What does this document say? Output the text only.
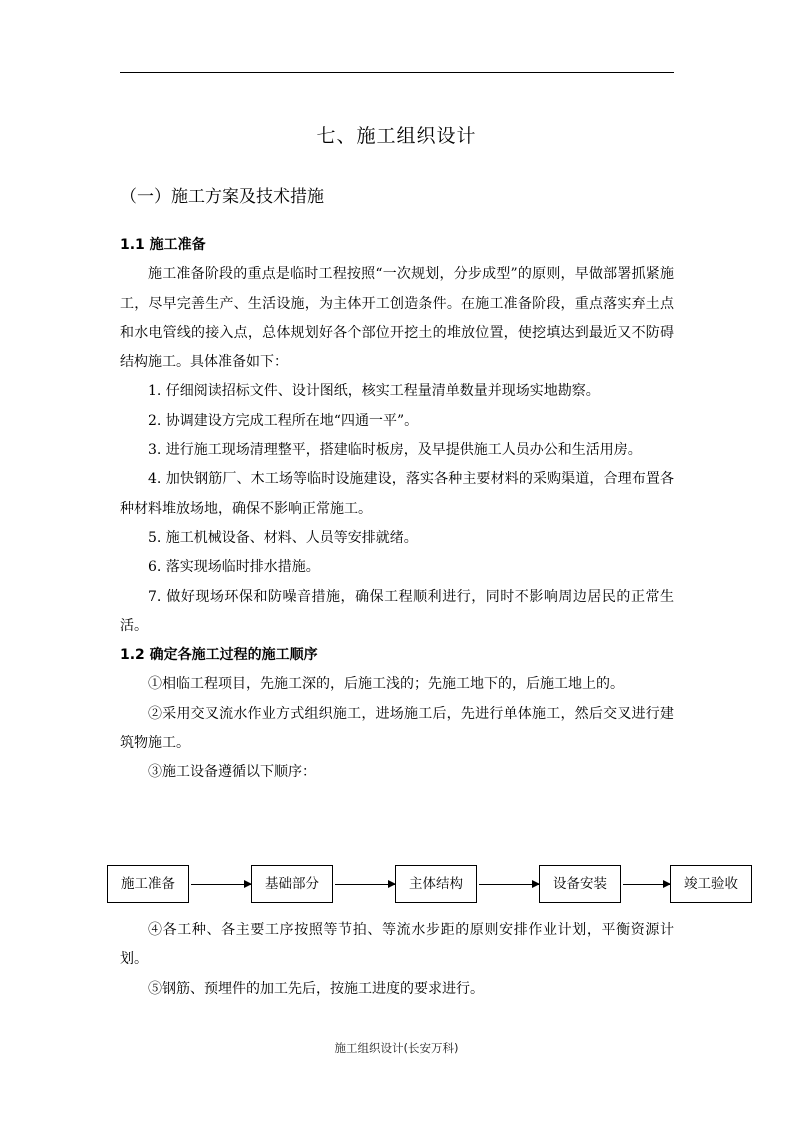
七、施工组织设计
（一）施工方案及技术措施

1.1 施工准备

施工准备阶段的重点是临时工程按照“一次规划，分步成型”的原则，早做部署抓紧施工，尽早完善生产、生活设施，为主体开工创造条件。在施工准备阶段，重点落实弃土点和水电管线的接入点，总体规划好各个部位开挖土的堆放位置，使挖填达到最近又不防碍结构施工。具体准备如下：

1. 仔细阅读招标文件、设计图纸，核实工程量清单数量并现场实地勘察。

2. 协调建设方完成工程所在地“四通一平”。

3. 进行施工现场清理整平，搭建临时板房，及早提供施工人员办公和生活用房。

4. 加快钢筋厂、木工场等临时设施建设，落实各种主要材料的采购渠道，合理布置各种材料堆放场地，确保不影响正常施工。

5. 施工机械设备、材料、人员等安排就绪。

6. 落实现场临时排水措施。

7. 做好现场环保和防噪音措施，确保工程顺利进行，同时不影响周边居民的正常生活。

1.2 确定各施工过程的施工顺序

①相临工程项目，先施工深的，后施工浅的；先施工地下的，后施工地上的。

②采用交叉流水作业方式组织施工，进场施工后，先进行单体施工，然后交叉进行建筑物施工。

③施工设备遵循以下顺序：

施工准备	基础部分	主体结构	设备安装	竣工验收

④各工种、各主要工序按照等节拍、等流水步距的原则安排作业计划，平衡资源计划。

⑤钢筋、预埋件的加工先后，按施工进度的要求进行。

施工组织设计(长安万科)
